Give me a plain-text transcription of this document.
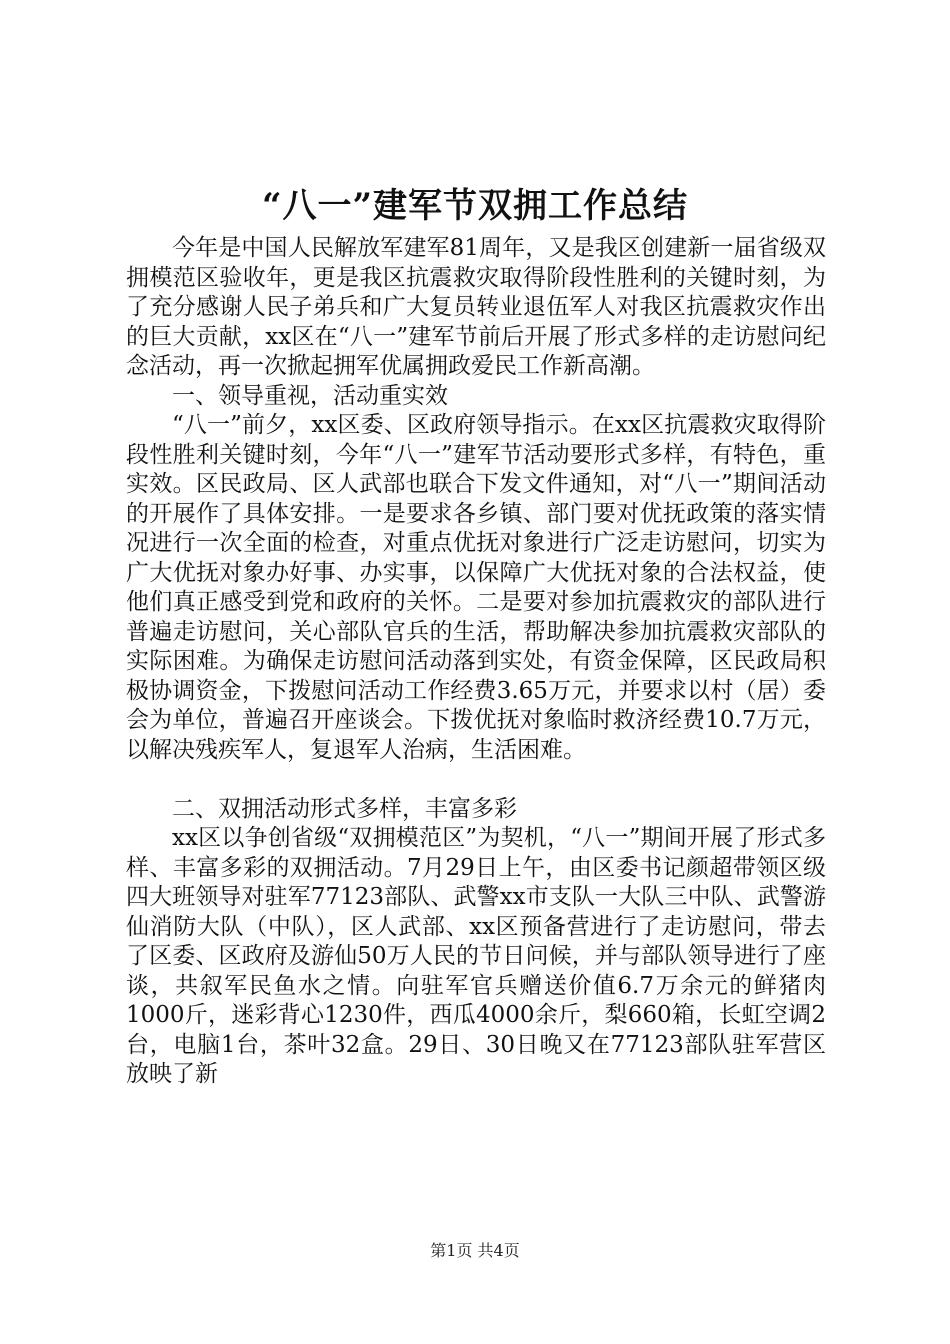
“八一”建军节双拥工作总结

今年是中国人民解放军建军81周年，又是我区创建新一届省级双拥模范区验收年，更是我区抗震救灾取得阶段性胜利的关键时刻，为了充分感谢人民子弟兵和广大复员转业退伍军人对我区抗震救灾作出的巨大贡献，xx区在“八一”建军节前后开展了形式多样的走访慰问纪念活动，再一次掀起拥军优属拥政爱民工作新高潮。

一、领导重视，活动重实效

“八一”前夕，xx区委、区政府领导指示。在xx区抗震救灾取得阶段性胜利关键时刻，今年“八一”建军节活动要形式多样，有特色，重实效。区民政局、区人武部也联合下发文件通知，对“八一”期间活动的开展作了具体安排。一是要求各乡镇、部门要对优抚政策的落实情况进行一次全面的检查，对重点优抚对象进行广泛走访慰问，切实为广大优抚对象办好事、办实事，以保障广大优抚对象的合法权益，使他们真正感受到党和政府的关怀。二是要对参加抗震救灾的部队进行普遍走访慰问，关心部队官兵的生活，帮助解决参加抗震救灾部队的实际困难。为确保走访慰问活动落到实处，有资金保障，区民政局积极协调资金，下拨慰问活动工作经费3.65万元，并要求以村（居）委会为单位，普遍召开座谈会。下拨优抚对象临时救济经费10.7万元，以解决残疾军人，复退军人治病，生活困难。

二、双拥活动形式多样，丰富多彩

xx区以争创省级“双拥模范区”为契机，“八一”期间开展了形式多样、丰富多彩的双拥活动。7月29日上午，由区委书记颜超带领区级四大班领导对驻军77123部队、武警xx市支队一大队三中队、武警游仙消防大队（中队），区人武部、xx区预备营进行了走访慰问，带去了区委、区政府及游仙50万人民的节日问候，并与部队领导进行了座谈，共叙军民鱼水之情。向驻军官兵赠送价值6.7万余元的鲜猪肉1000斤，迷彩背心1230件，西瓜4000余斤，梨660箱，长虹空调2台，电脑1台，茶叶32盒。29日、30日晚又在77123部队驻军营区放映了新

第1页 共4页
